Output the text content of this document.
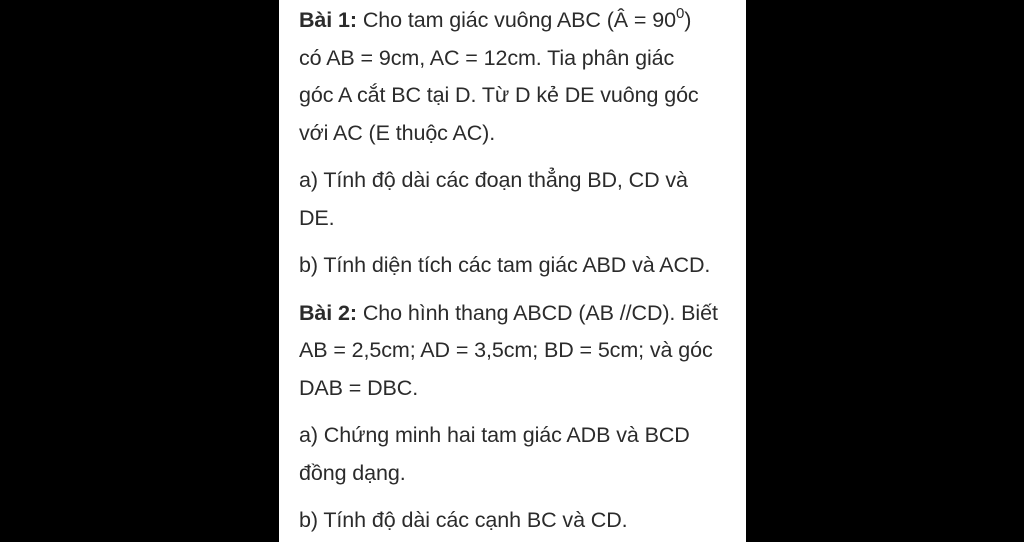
Bài 1: Cho tam giác vuông ABC (Â = $90^0$)
có AB = 9cm, AC = 12cm. Tia phân giác
góc A cắt BC tại D. Từ D kẻ DE vuông góc
với AC (E thuộc AC).

a) Tính độ dài các đoạn thẳng BD, CD và
DE.

b) Tính diện tích các tam giác ABD và ACD.

Bài 2: Cho hình thang ABCD (AB //CD). Biết
AB = 2,5cm; AD = 3,5cm; BD = 5cm; và góc
DAB = DBC.

a) Chứng minh hai tam giác ADB và BCD
đồng dạng.

b) Tính độ dài các cạnh BC và CD.
